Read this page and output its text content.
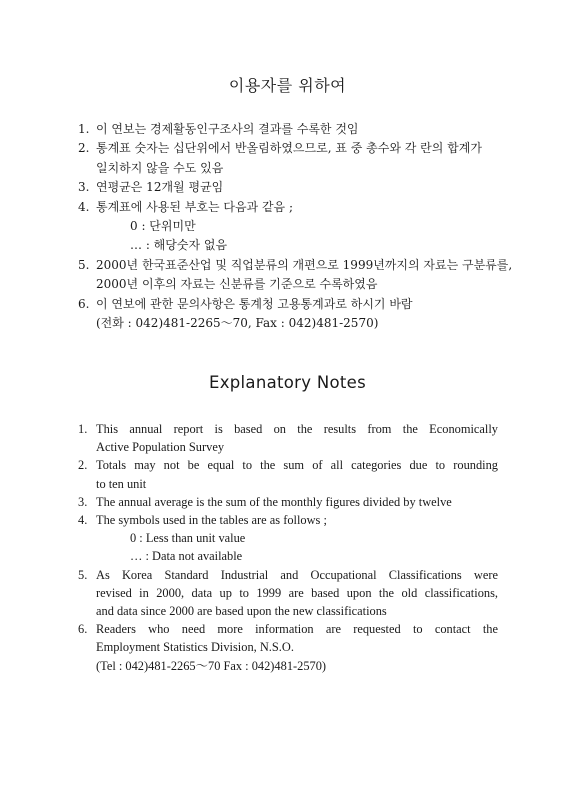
이용자를 위하여
1. 이 연보는 경제활동인구조사의 결과를 수록한 것임
2. 통계표 숫자는 십단위에서 반올림하였으므로, 표 중 총수와 각 란의 합계가
일치하지 않을 수도 있음
3. 연평균은 12개월 평균임
4. 통계표에 사용된 부호는 다음과 같음 ;
0 : 단위미만
… : 해당숫자 없음
5. 2000년 한국표준산업 및 직업분류의 개편으로 1999년까지의 자료는 구분류를,
2000년 이후의 자료는 신분류를 기준으로 수록하였음
6. 이 연보에 관한 문의사항은 통계청 고용통계과로 하시기 바람
(전화 : 042)481-2265～70, Fax : 042)481-2570)
Explanatory Notes
1. This annual report is based on the results from the Economically
Active Population Survey
2. Totals may not be equal to the sum of all categories due to rounding
to ten unit
3. The annual average is the sum of the monthly figures divided by twelve
4. The symbols used in the tables are as follows ;
0 : Less than unit value
… : Data not available
5. As Korea Standard Industrial and Occupational Classifications were
revised in 2000, data up to 1999 are based upon the old classifications,
and data since 2000 are based upon the new classifications
6. Readers who need more information are requested to contact the
Employment Statistics Division, N.S.O.
(Tel : 042)481-2265～70 Fax : 042)481-2570)
